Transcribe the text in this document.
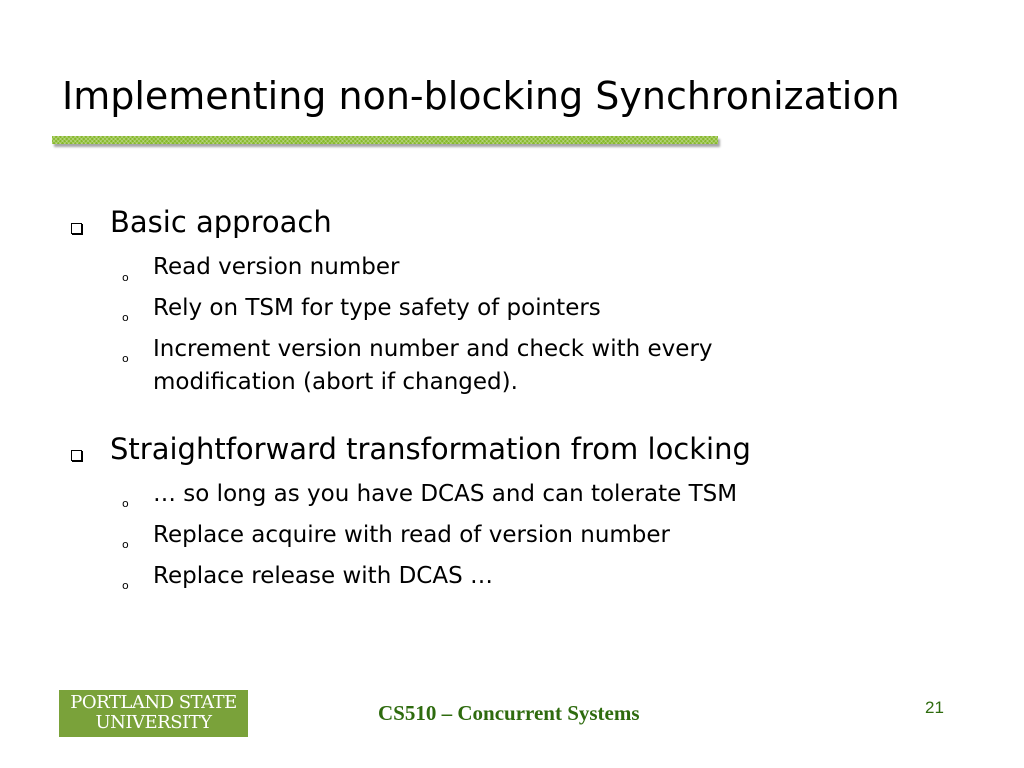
Implementing non-blocking Synchronization
Basic approach
o Read version number
o Rely on TSM for type safety of pointers
o Increment version number and check with every
modification (abort if changed).
Straightforward transformation from locking
o … so long as you have DCAS and can tolerate TSM
o Replace acquire with read of version number
o Replace release with DCAS …
PORTLAND STATE
UNIVERSITY	CS510 – Concurrent Systems	21
